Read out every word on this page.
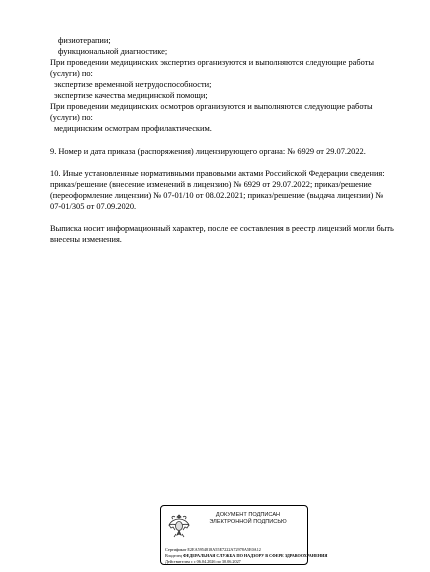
физиотерапии;
функциональной диагностике;
При проведении медицинских экспертиз организуются и выполняются следующие работы
(услуги) по:
экспертизе временной нетрудоспособности;
экспертизе качества медицинской помощи;
При проведении медицинских осмотров организуются и выполняются следующие работы
(услуги) по:
медицинским осмотрам профилактическим.
9. Номер и дата приказа (распоряжения) лицензирующего органа: № 6929 от 29.07.2022.
10. Иные установленные нормативными правовыми актами Российской Федерации сведения:
приказ/решение (внесение изменений в лицензию) № 6929 от 29.07.2022; приказ/решение
(переоформление лицензии) № 07-01/10 от 08.02.2021; приказ/решение (выдача лицензии) №
07-01/305 от 07.09.2020.
Выписка носит информационный характер, после ее составления в реестр лицензий могли быть
внесены изменения.
ДОКУМЕНТ ПОДПИСАН
ЭЛЕКТРОННОЙ ПОДПИСЬЮ
Сертификат E2EA5954818A55E7222A72978A5E0A12
Владелец ФЕДЕРАЛЬНАЯ СЛУЖБА ПО НАДЗОРУ В СФЕРЕ ЗДРАВООХРАНЕНИЯ
Действителен с с 06.04.2026 по 30.06.2027
